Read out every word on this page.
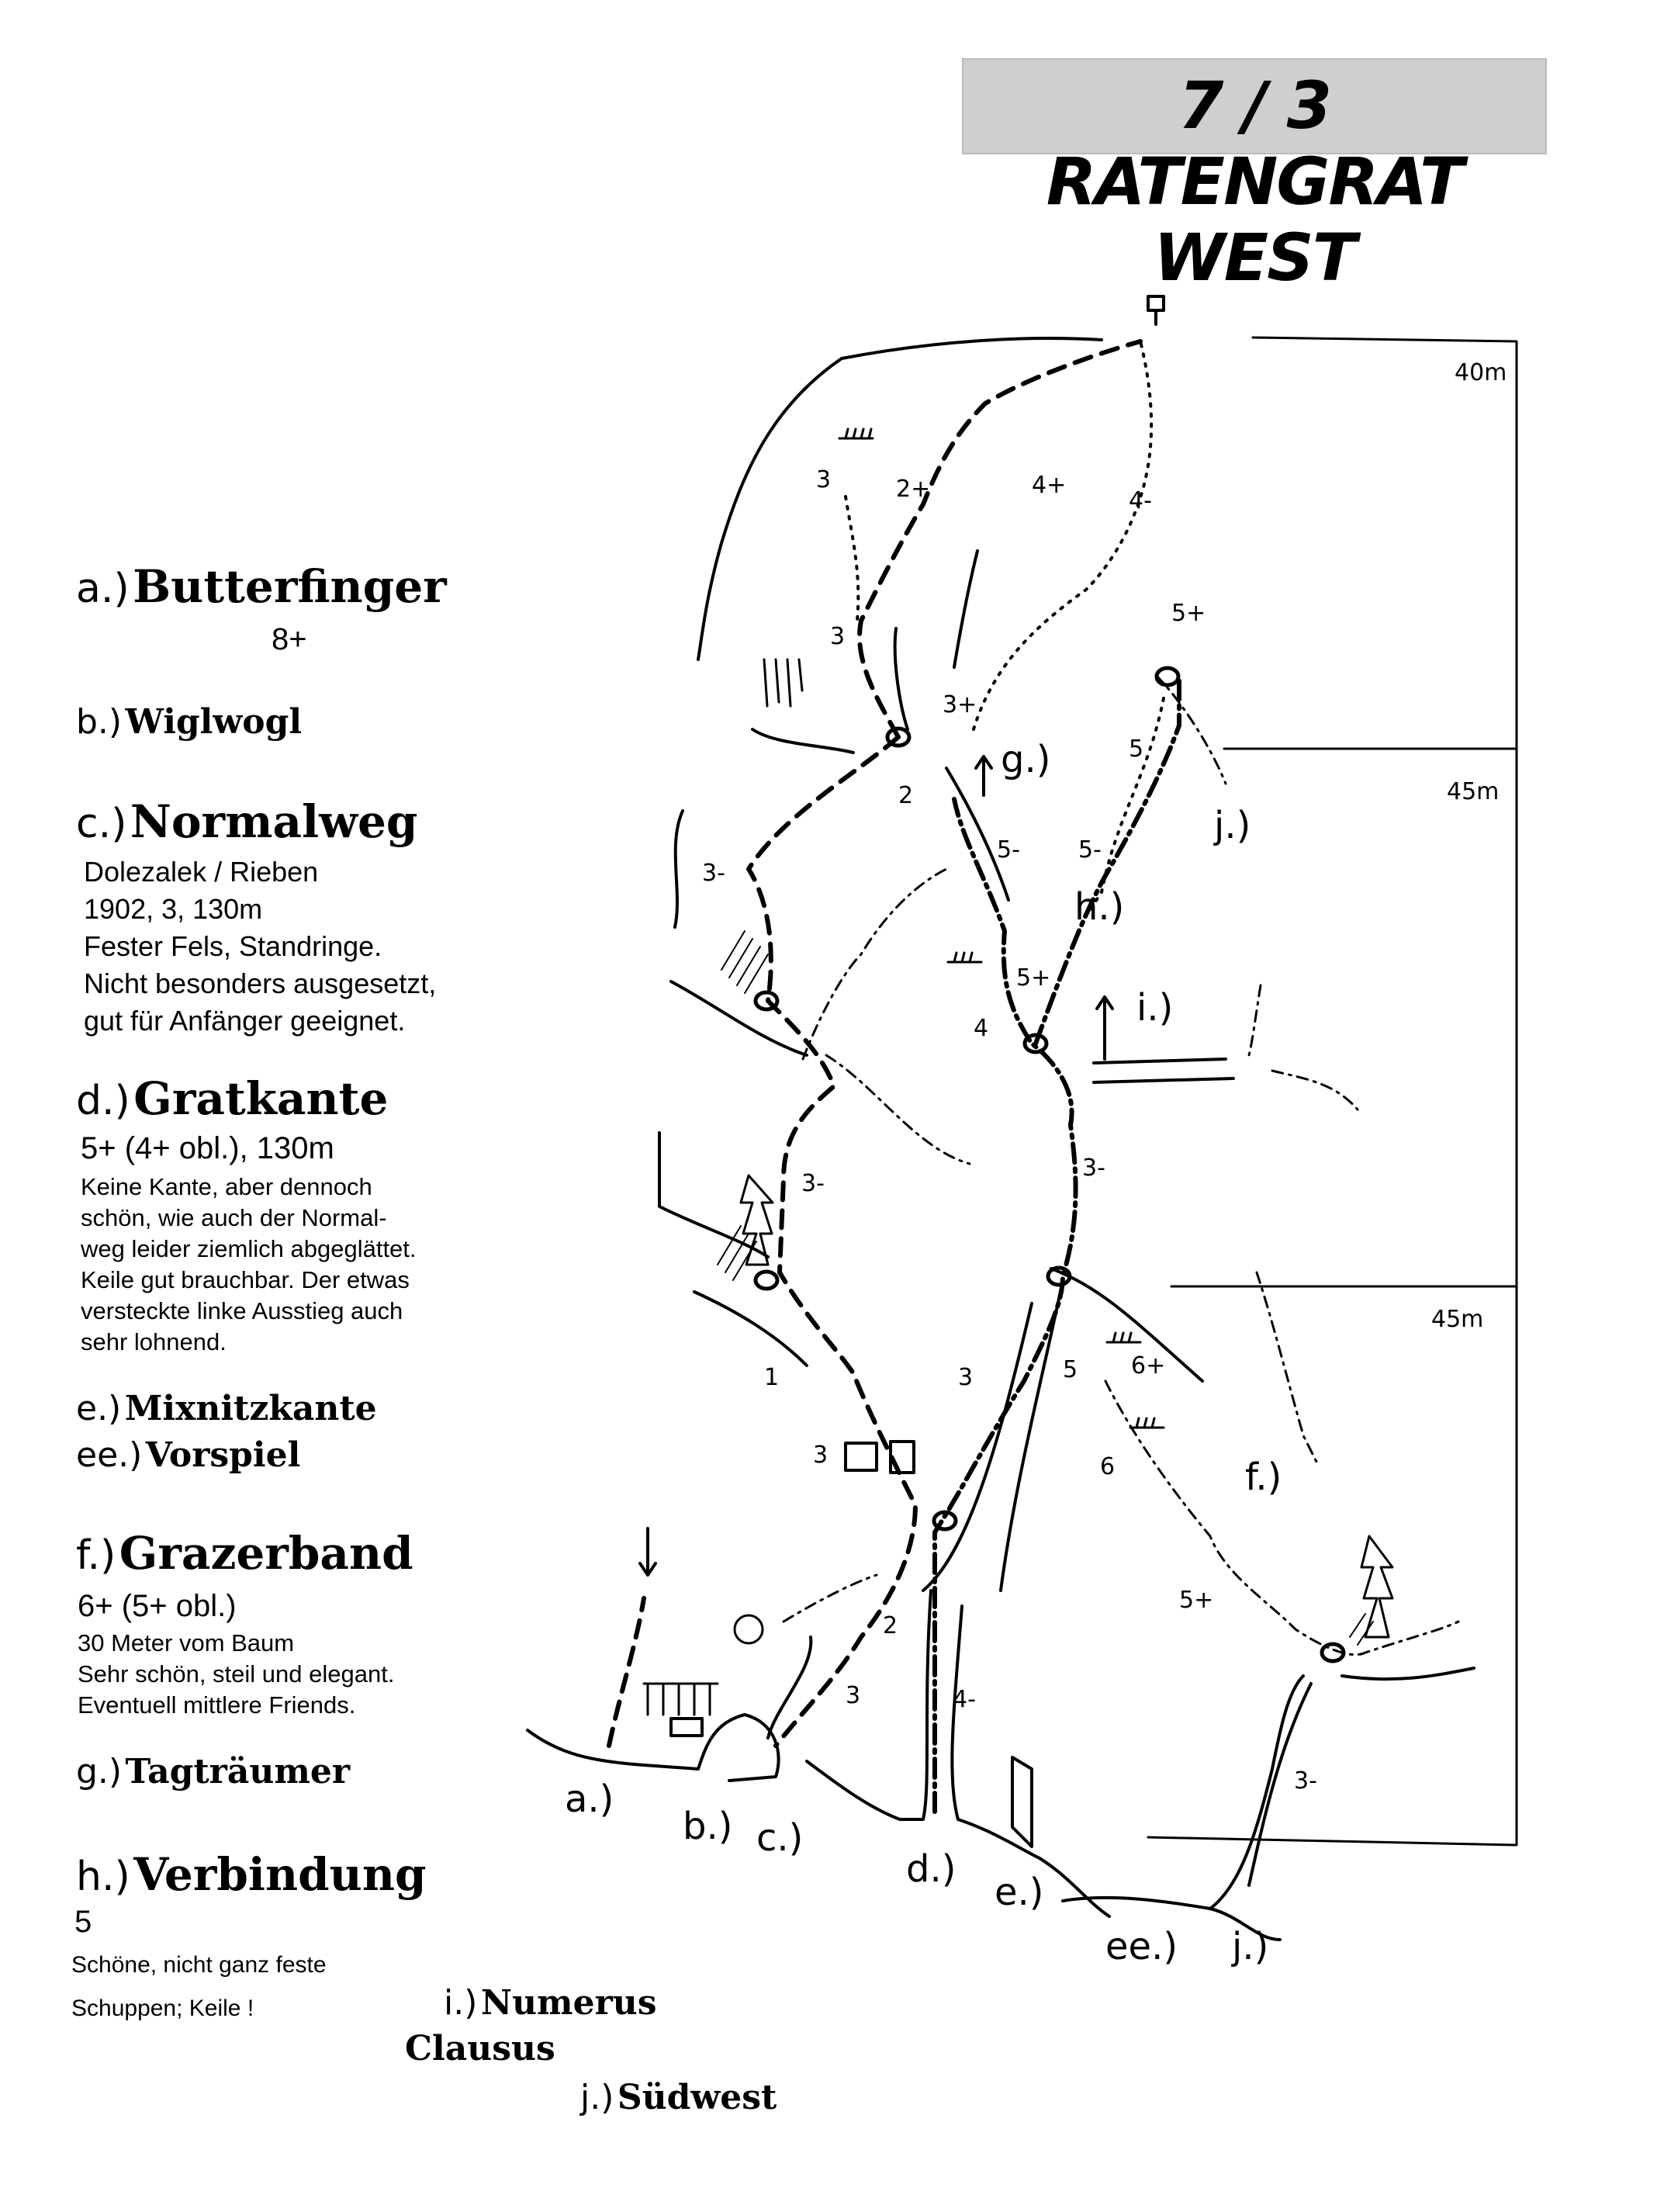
7 / 3 RATENGRAT WEST
a.) Butterfinger
8+
b.) Wiglwogl
c.) Normalweg
Dolezalek / Rieben
1902, 3, 130m
Fester Fels, Standringe.
Nicht besonders ausgesetzt,
gut für Anfänger geeignet.
d.) Gratkante
5+ (4+ obl.), 130m
Keine Kante, aber dennoch
schön, wie auch der Normal-
weg leider ziemlich abgeglättet.
Keile gut brauchbar. Der etwas
versteckte linke Ausstieg auch
sehr lohnend.
e.) Mixnitzkante
ee.) Vorspiel
f.) Grazerband
6+ (5+ obl.)
30 Meter vom Baum
Sehr schön, steil und elegant.
Eventuell mittlere Friends.
g.) Tagträumer
h.) Verbindung
5
Schöne, nicht ganz feste
Schuppen; Keile !	i.) Numerus
Clausus
j.) Südwest
40m
45m
45m
a.)
b.) c.)
d.)
e.)
ee.) j.)
g.)
h.)
i.)
j.)
f.)
3	2+	4+
4-
5+
3
3+
2
5
5-	5-
3-
5+
4
3-
3-
3	5 6+
1
3	6
5+
2
3	4-
3-
